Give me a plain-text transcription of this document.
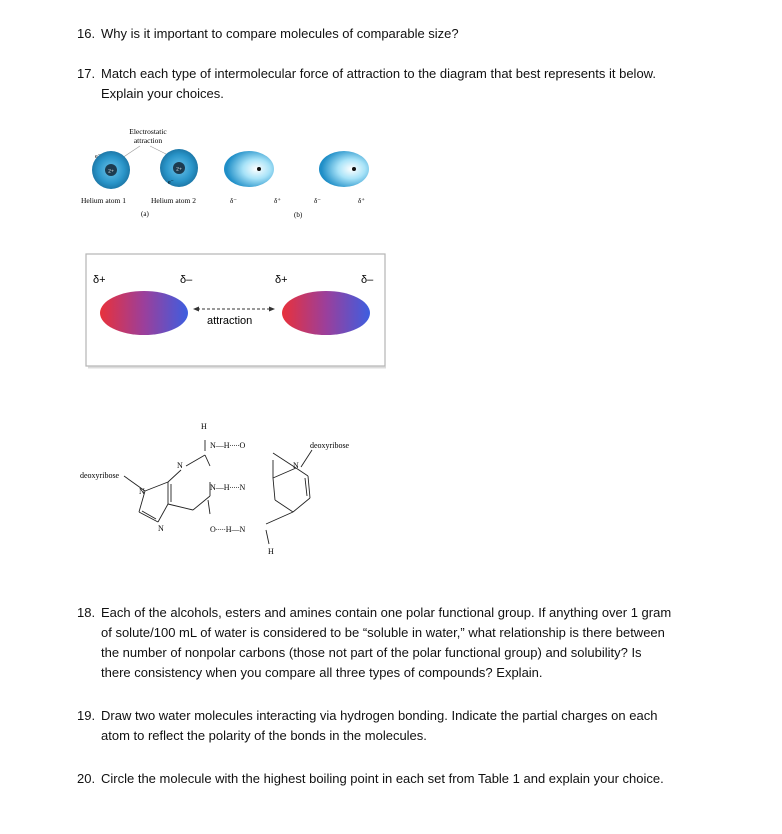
16. Why is it important to compare molecules of comparable size?
17. Match each type of intermolecular force of attraction to the diagram that best represents it below.
Explain your choices.
Electrostatic
attraction
2+
e⁻
2+
e⁻
Helium atom 1	Helium atom 2
(a)
δ⁻	δ⁺
(b)
δ⁻	δ⁺
δ+	δ–	δ+	δ–
attraction
H
N—H∙∙∙∙∙O	deoxyribose
N
N
deoxyribose
N—H∙∙∙∙∙N
N
N	O∙∙∙∙∙H—N
H
18. Each of the alcohols, esters and amines contain one polar functional group. If anything over 1 gram
of solute/100 mL of water is considered to be “soluble in water,” what relationship is there between
the number of nonpolar carbons (those not part of the polar functional group) and solubility? Is
there consistency when you compare all three types of compounds? Explain.
19. Draw two water molecules interacting via hydrogen bonding. Indicate the partial charges on each
atom to reflect the polarity of the bonds in the molecules.
20. Circle the molecule with the highest boiling point in each set from Table 1 and explain your choice.
